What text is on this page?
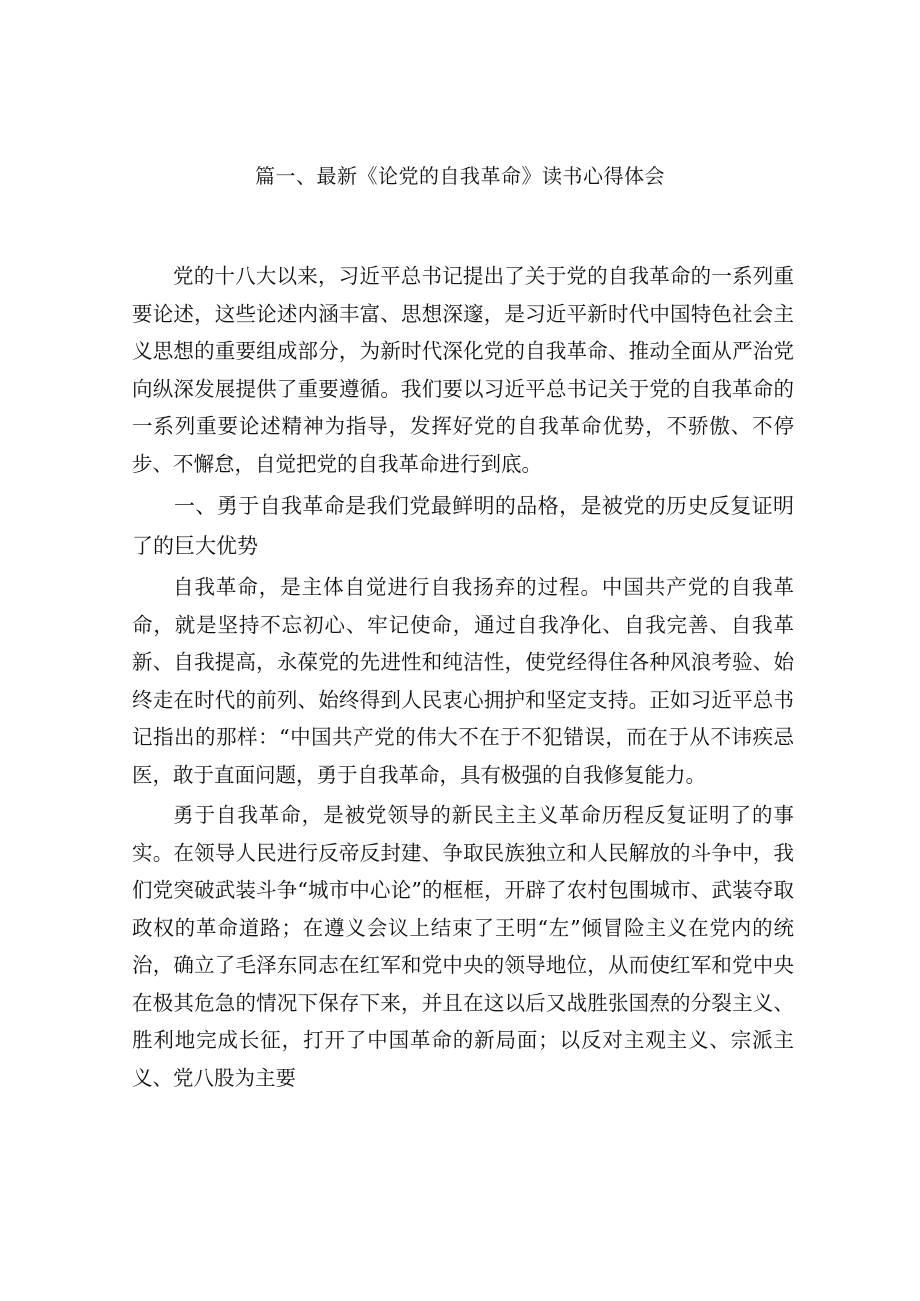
篇一、最新《论党的自我革命》读书心得体会

党的十八大以来，习近平总书记提出了关于党的自我革命的一系列重要论述，这些论述内涵丰富、思想深邃，是习近平新时代中国特色社会主义思想的重要组成部分，为新时代深化党的自我革命、推动全面从严治党向纵深发展提供了重要遵循。我们要以习近平总书记关于党的自我革命的一系列重要论述精神为指导，发挥好党的自我革命优势，不骄傲、不停步、不懈怠，自觉把党的自我革命进行到底。

一、勇于自我革命是我们党最鲜明的品格，是被党的历史反复证明了的巨大优势

自我革命，是主体自觉进行自我扬弃的过程。中国共产党的自我革命，就是坚持不忘初心、牢记使命，通过自我净化、自我完善、自我革新、自我提高，永葆党的先进性和纯洁性，使党经得住各种风浪考验、始终走在时代的前列、始终得到人民衷心拥护和坚定支持。正如习近平总书记指出的那样：“中国共产党的伟大不在于不犯错误，而在于从不讳疾忌医，敢于直面问题，勇于自我革命，具有极强的自我修复能力。

勇于自我革命，是被党领导的新民主主义革命历程反复证明了的事实。在领导人民进行反帝反封建、争取民族独立和人民解放的斗争中，我们党突破武装斗争“城市中心论”的框框，开辟了农村包围城市、武装夺取政权的革命道路；在遵义会议上结束了王明“左”倾冒险主义在党内的统治，确立了毛泽东同志在红军和党中央的领导地位，从而使红军和党中央在极其危急的情况下保存下来，并且在这以后又战胜张国焘的分裂主义、胜利地完成长征，打开了中国革命的新局面；以反对主观主义、宗派主义、党八股为主要
